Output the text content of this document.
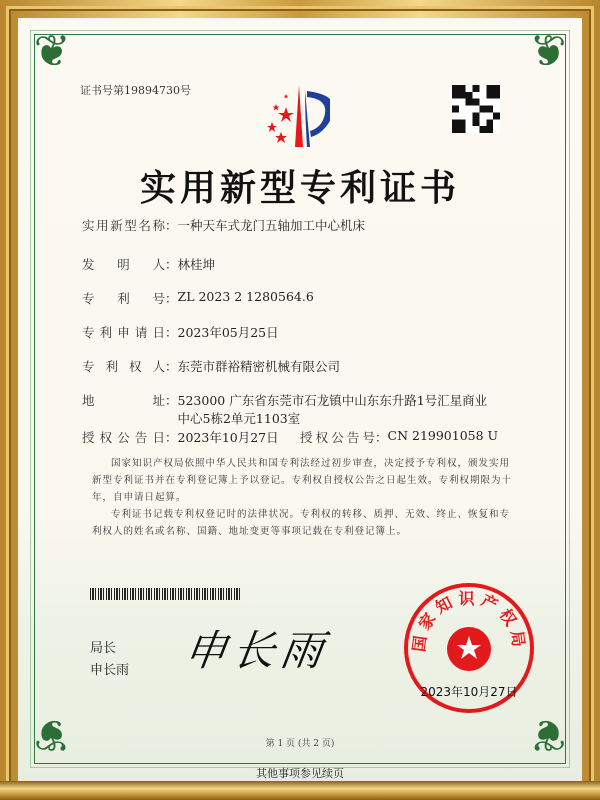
❦	❦
❦	❦
证书号第19894730号
实用新型专利证书
实用新型名称 ： 一种天车式龙门五轴加工中心机床
发明人 ： 林桂坤
专利号 ： ZL 2023 2 1280564.6
专利申请日 ： 2023年05月25日
专利权人 ： 东莞市群裕精密机械有限公司
地址 ： 523000 广东省东莞市石龙镇中山东东升路1号汇星商业
中心5栋2单元1103室
授权公告日 ： 2023年10月27日 授权公告号 ： CN 219901058 U
国家知识产权局依照中华人民共和国专利法经过初步审查，决定授予专利权，颁发实用新型专利证书并在专利登记簿上予以登记。专利权自授权公告之日起生效。专利权期限为十年，自申请日起算。
专利证书记载专利权登记时的法律状况。专利权的转移、质押、无效、终止、恢复和专利权人的姓名或名称、国籍、地址变更等事项记载在专利登记簿上。
局长
申长雨 申长雨	国家知识产权局
2023年10月27日
第 1 页 (共 2 页)
其他事项参见续页
